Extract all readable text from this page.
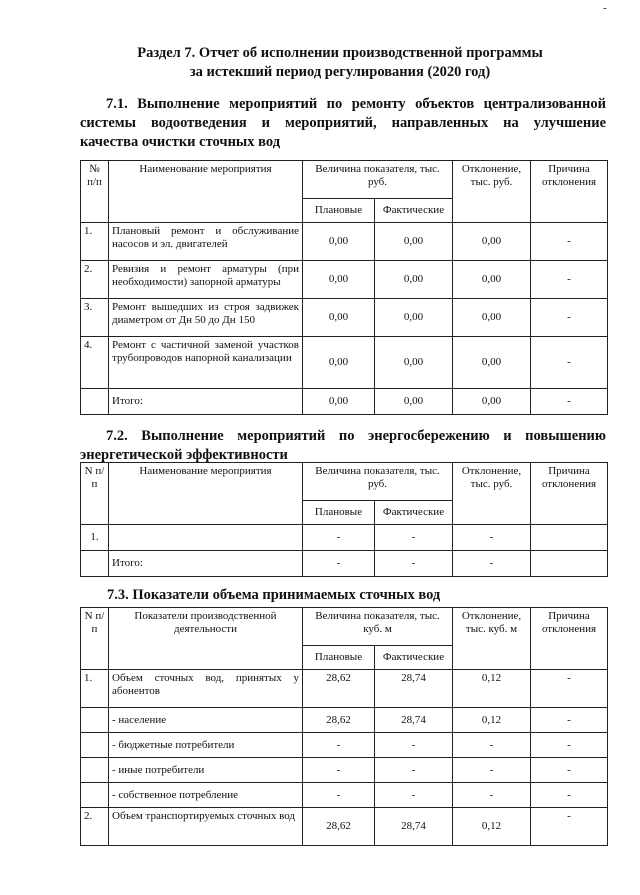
-
Раздел 7. Отчет об исполнении производственной программы
за истекший период регулирования (2020 год)
7.1. Выполнение мероприятий по ремонту объектов централизованной
системы водоотведения и мероприятий, направленных на улучшение
качества очистки сточных вод
№ п/п	Наименование мероприятия	Величина показателя, тыс. руб.		Отклонение, тыс. руб.	Причина отклонения
		Плановые	Фактические		
1.	Плановый ремонт и обслуживание насосов и эл. двигателей	0,00	0,00	0,00	-
2.	Ревизия и ремонт арматуры (при необходимости) запорной арматуры	0,00	0,00	0,00	-
3.	Ремонт вышедших из строя задвижек диаметром от Дн 50 до Дн 150	0,00	0,00	0,00	-
4.	Ремонт с частичной заменой участков трубопроводов напорной канализации	0,00	0,00	0,00	-
	Итого:	0,00	0,00	0,00	-
7.2. Выполнение мероприятий по энергосбережению и повышению
энергетической эффективности
N п/п	Наименование мероприятия	Величина показателя, тыс. руб.		Отклонение, тыс. руб.	Причина отклонения
		Плановые	Фактические		
1.		-	-	-	
	Итого:	-	-	-	
7.3. Показатели объема принимаемых сточных вод
N п/п	Показатели производственной деятельности	Величина показателя, тыс. куб. м		Отклонение, тыс. куб. м	Причина отклонения
		Плановые	Фактические		
1.	Объем сточных вод, принятых у абонентов	28,62	28,74	0,12	-
	- население	28,62	28,74	0,12	-
	- бюджетные потребители	-	-	-	-
	- иные потребители	-	-	-	-
	- собственное потребление	-	-	-	-
2.	Объем транспортируемых сточных вод	28,62	28,74	0,12	-
